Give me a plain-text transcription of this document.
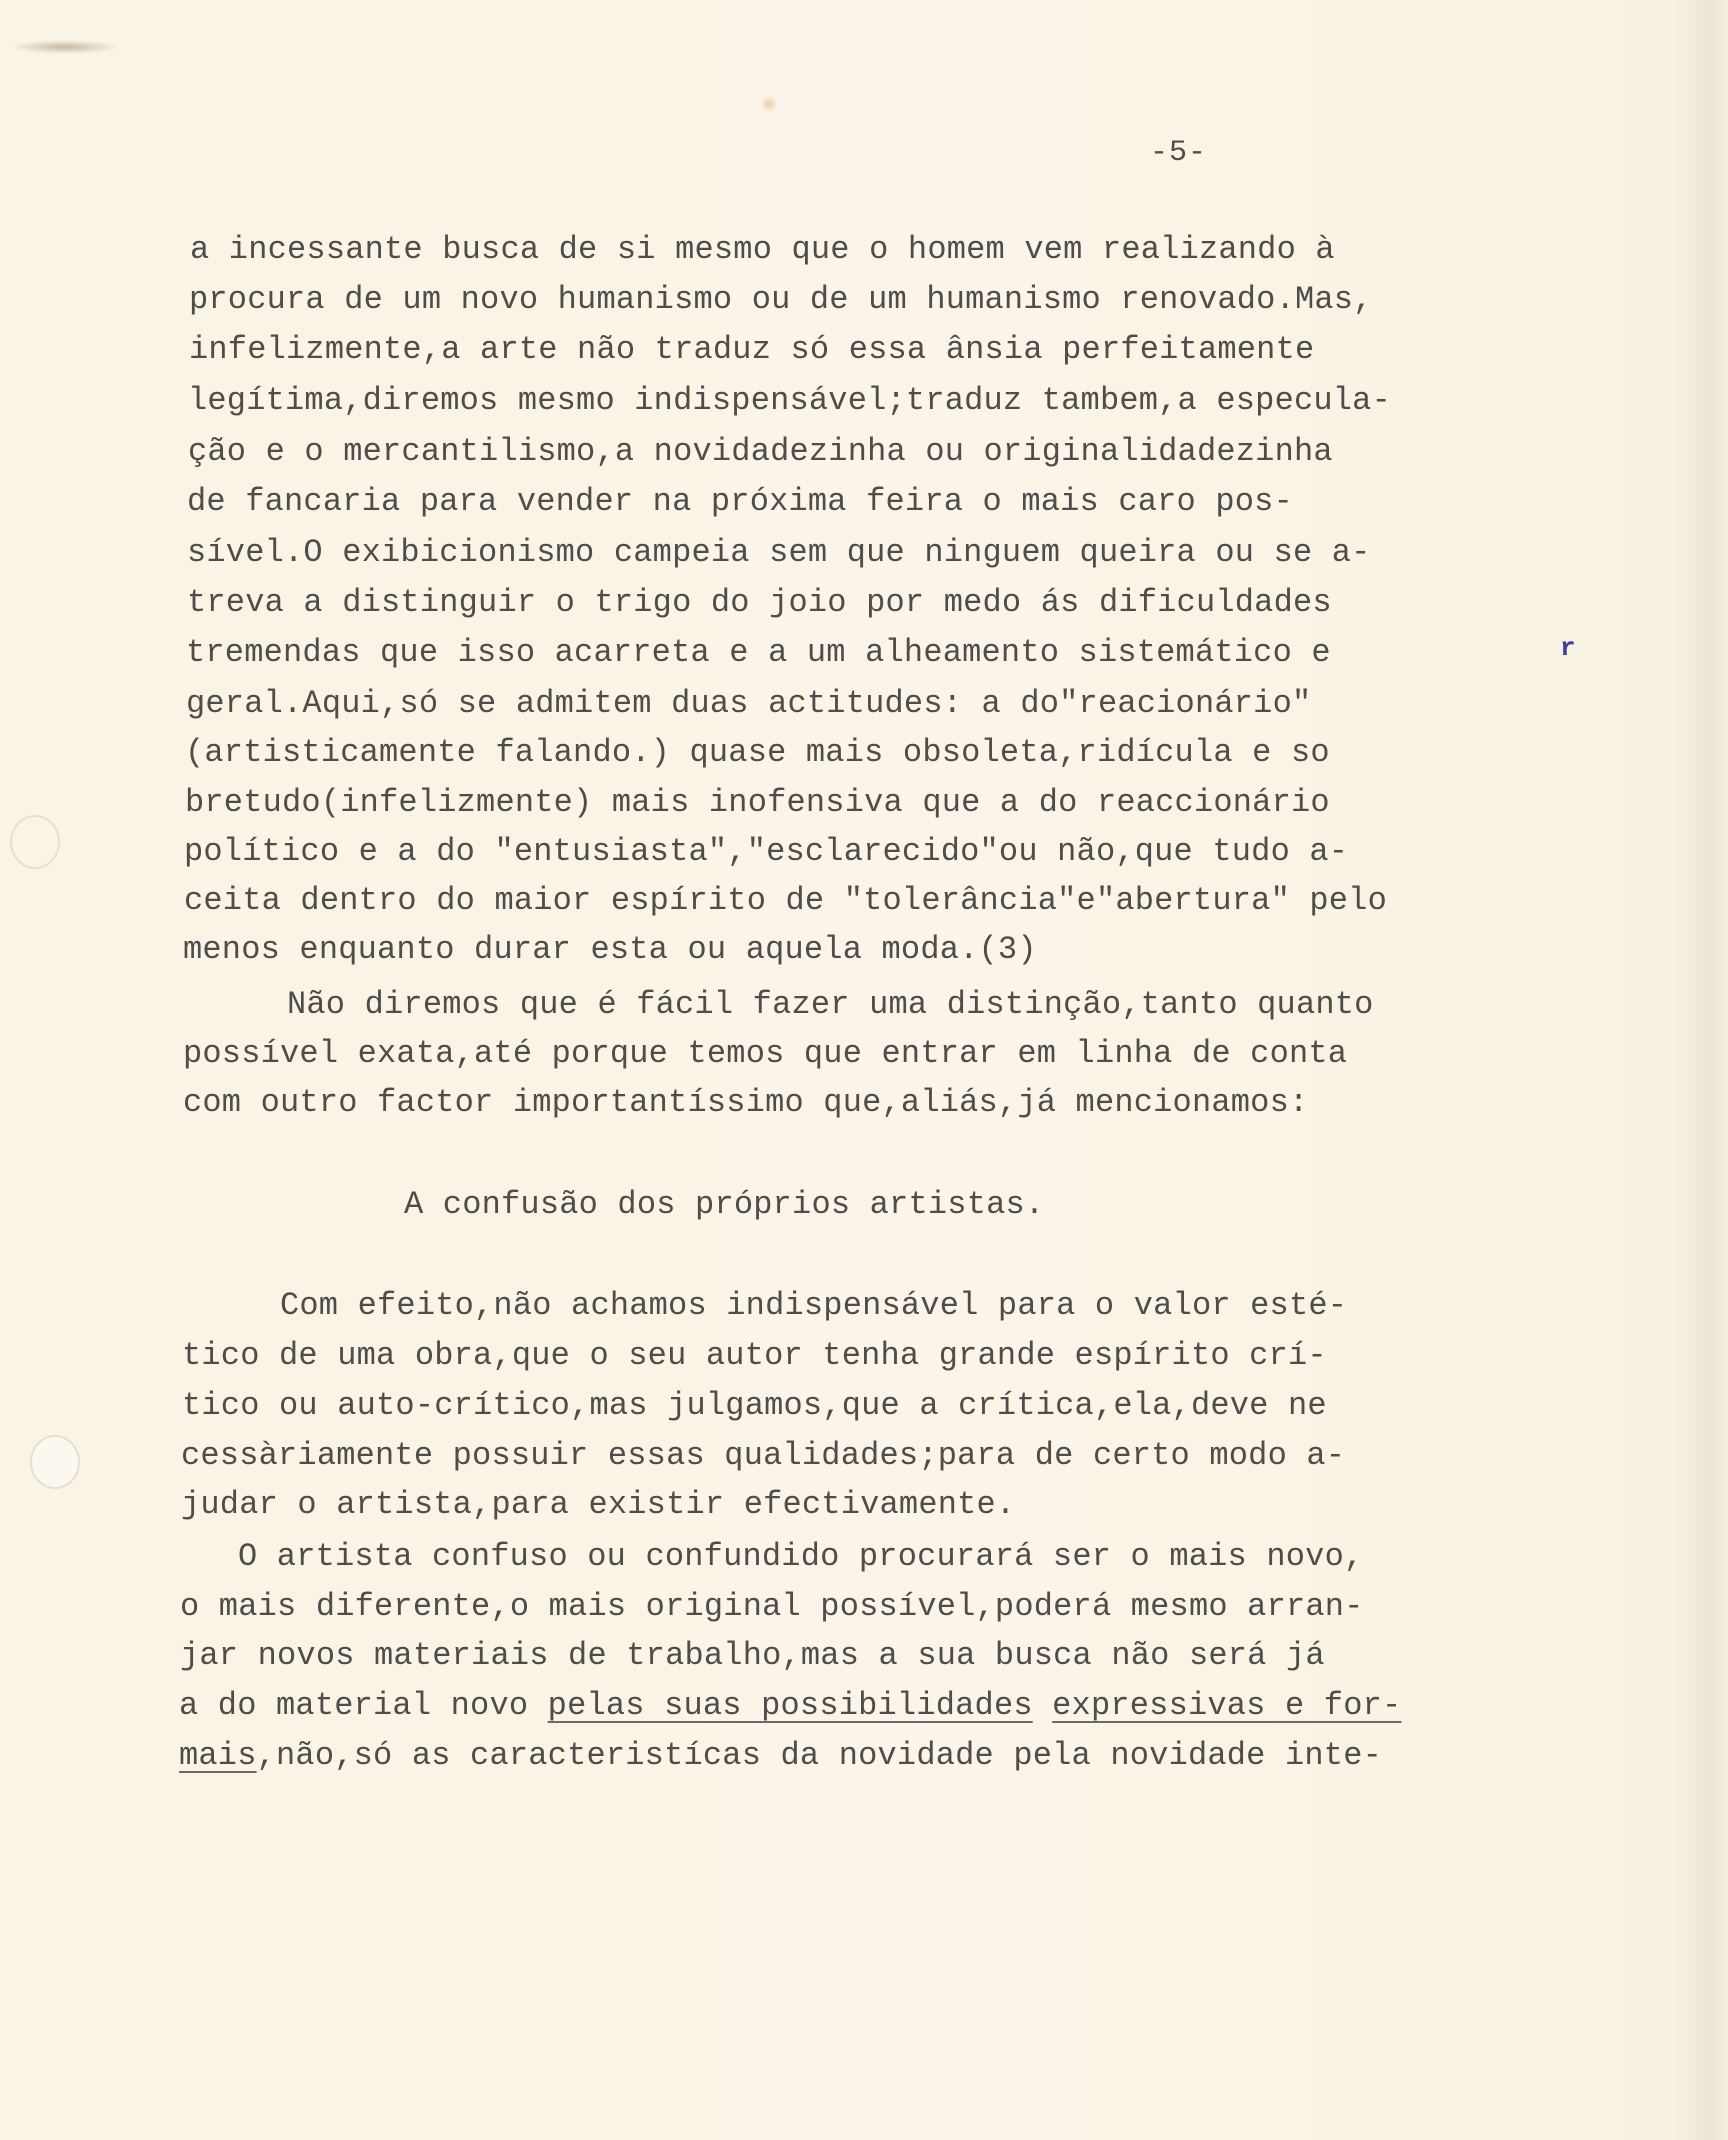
-5-
a incessante busca de si mesmo que o homem vem realizando à
procura de um novo humanismo ou de um humanismo renovado.Mas,
infelizmente,a arte não traduz só essa ânsia perfeitamente
legítima,diremos mesmo indispensável;traduz tambem,a especula-
ção e o mercantilismo,a novidadezinha ou originalidadezinha
de fancaria para vender na próxima feira o mais caro pos-
sível.O exibicionismo campeia sem que ninguem queira ou se a-
treva a distinguir o trigo do joio por medo ás dificuldades
tremendas que isso acarreta e a um alheamento sistemático e
geral.Aqui,só se admitem duas actitudes: a do"reacionário"
(artisticamente falando.) quase mais obsoleta,ridícula e so
bretudo(infelizmente) mais inofensiva que a do reaccionário
político e a do "entusiasta","esclarecido"ou não,que tudo a-
ceita dentro do maior espírito de "tolerância"e"abertura" pelo
menos enquanto durar esta ou aquela moda.(3)
r
Não diremos que é fácil fazer uma distinção,tanto quanto
possível exata,até porque temos que entrar em linha de conta
com outro factor importantíssimo que,aliás,já mencionamos:
A confusão dos próprios artistas.
Com efeito,não achamos indispensável para o valor esté-
tico de uma obra,que o seu autor tenha grande espírito crí-
tico ou auto-crítico,mas julgamos,que a crítica,ela,deve ne
cessàriamente possuir essas qualidades;para de certo modo a-
judar o artista,para existir efectivamente.
O artista confuso ou confundido procurará ser o mais novo,
o mais diferente,o mais original possível,poderá mesmo arran-
jar novos materiais de trabalho,mas a sua busca não será já
a do material novo pelas suas possibilidades expressivas e for-
mais,não,só as caracteristícas da novidade pela novidade inte-
